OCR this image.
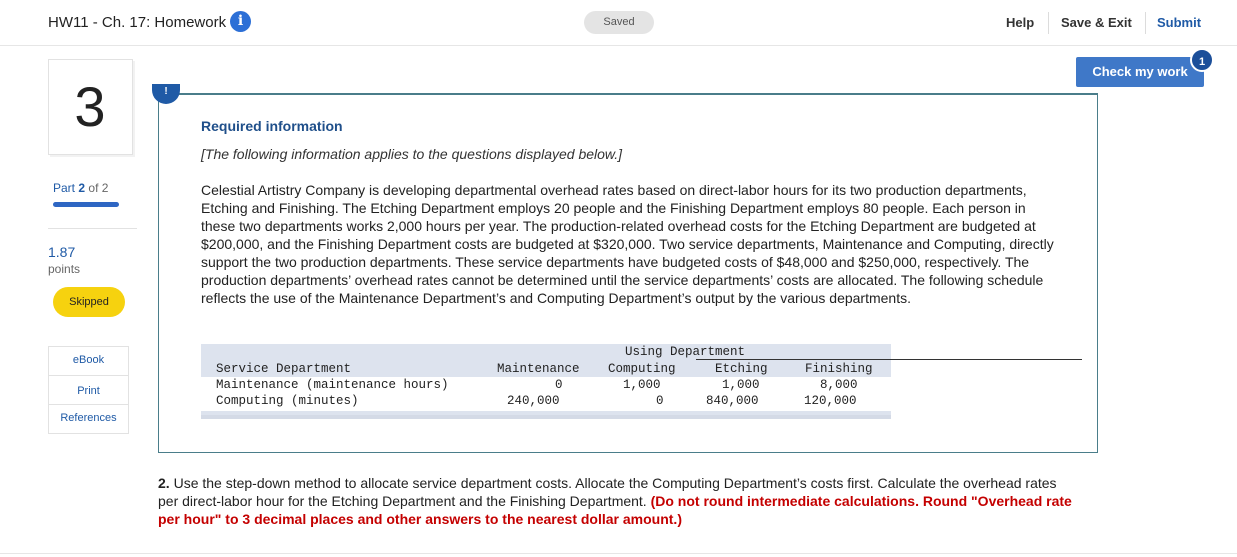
HW11 - Ch. 17: Homework i	Saved	Help Save & Exit Submit
Check my work
1
3
Part 2 of 2
1.87
points
Skipped
eBook
Print
References
!
Required information
[The following information applies to the questions displayed below.]
Celestial Artistry Company is developing departmental overhead rates based on direct-labor hours for its two production departments, Etching and Finishing. The Etching Department employs 20 people and the Finishing Department employs 80 people. Each person in these two departments works 2,000 hours per year. The production-related overhead costs for the Etching Department are budgeted at $200,000, and the Finishing Department costs are budgeted at $320,000. Two service departments, Maintenance and Computing, directly support the two production departments. These service departments have budgeted costs of $48,000 and $250,000, respectively. The production departments’ overhead rates cannot be determined until the service departments’ costs are allocated. The following schedule reflects the use of the Maintenance Department’s and Computing Department’s output by the various departments.
Using Department
Service Department	Maintenance Computing	Etching	Finishing
Maintenance (maintenance hours)	0	1,000	1,000	8,000
Computing (minutes)	240,000	0	840,000	120,000
2. Use the step-down method to allocate service department costs. Allocate the Computing Department’s costs first. Calculate the overhead rates per direct-labor hour for the Etching Department and the Finishing Department. (Do not round intermediate calculations. Round "Overhead rate per hour" to 3 decimal places and other answers to the nearest dollar amount.)
